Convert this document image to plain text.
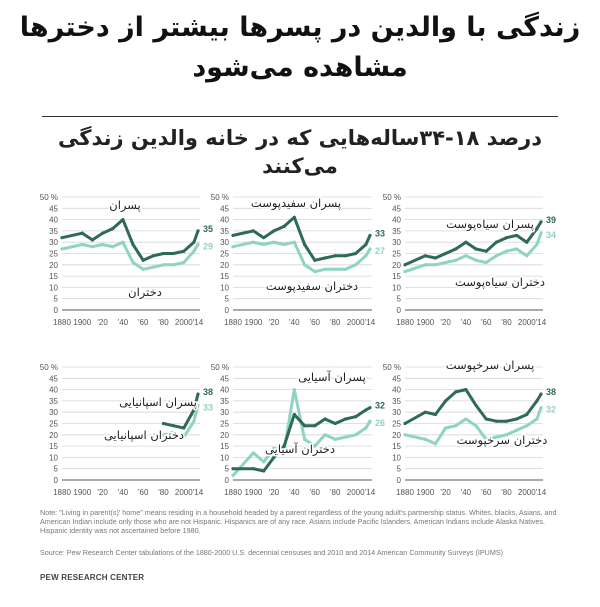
زندگی با والدین در پسرها بیشتر از دخترها مشاهده می‌شود
درصد ۱۸-۳۴ساله‌هایی که در خانه والدین زندگی می‌کنند
0
5
10
15
20
25
30
35
40
45
50 %
1880 1900 '20 '40 '60 '80 2000 '14
29
35
پسران
دختران
0
5
10
15
20
25
30
35
40
45
50 %
1880 1900 '20 '40 '60 '80 2000 '14
27
33
پسران سفیدپوست
دختران سفیدپوست
0
5
10
15
20
25
30
35
40
45
50 %
1880 1900 '20 '40 '60 '80 2000 '14
34
39
پسران سیاه‌پوست
دختران سیاه‌پوست
0
5
10
15
20
25
30
35
40
45
50 %
1880 1900 '20 '40 '60 '80 2000 '14
33
38
پسران اسپانیایی
دختران اسپانیایی
0
5
10
15
20
25
30
35
40
45
50 %
1880 1900 '20 '40 '60 '80 2000 '14
26
32
پسران آسیایی
دختران آسیایی
0
5
10
15
20
25
30
35
40
45
50 %
1880 1900 '20 '40 '60 '80 2000 '14
32
38
پسران سرخپوست
دختران سرخپوست
Note: "Living in parent(s)' home" means residing in a household headed by a parent regardless of the young adult's partnership status. Whites, blacks, Asians, and American Indian include only those who are not Hispanic. Hispanics are of any race. Asians include Pacific Islanders. American Indians include Alaska Natives. Hispanic identity was not ascertained before 1980.
Source: Pew Research Center tabulations of the 1880-2000 U.S. decennial censuses and 2010 and 2014 American Community Surveys (IPUMS)
PEW RESEARCH CENTER
